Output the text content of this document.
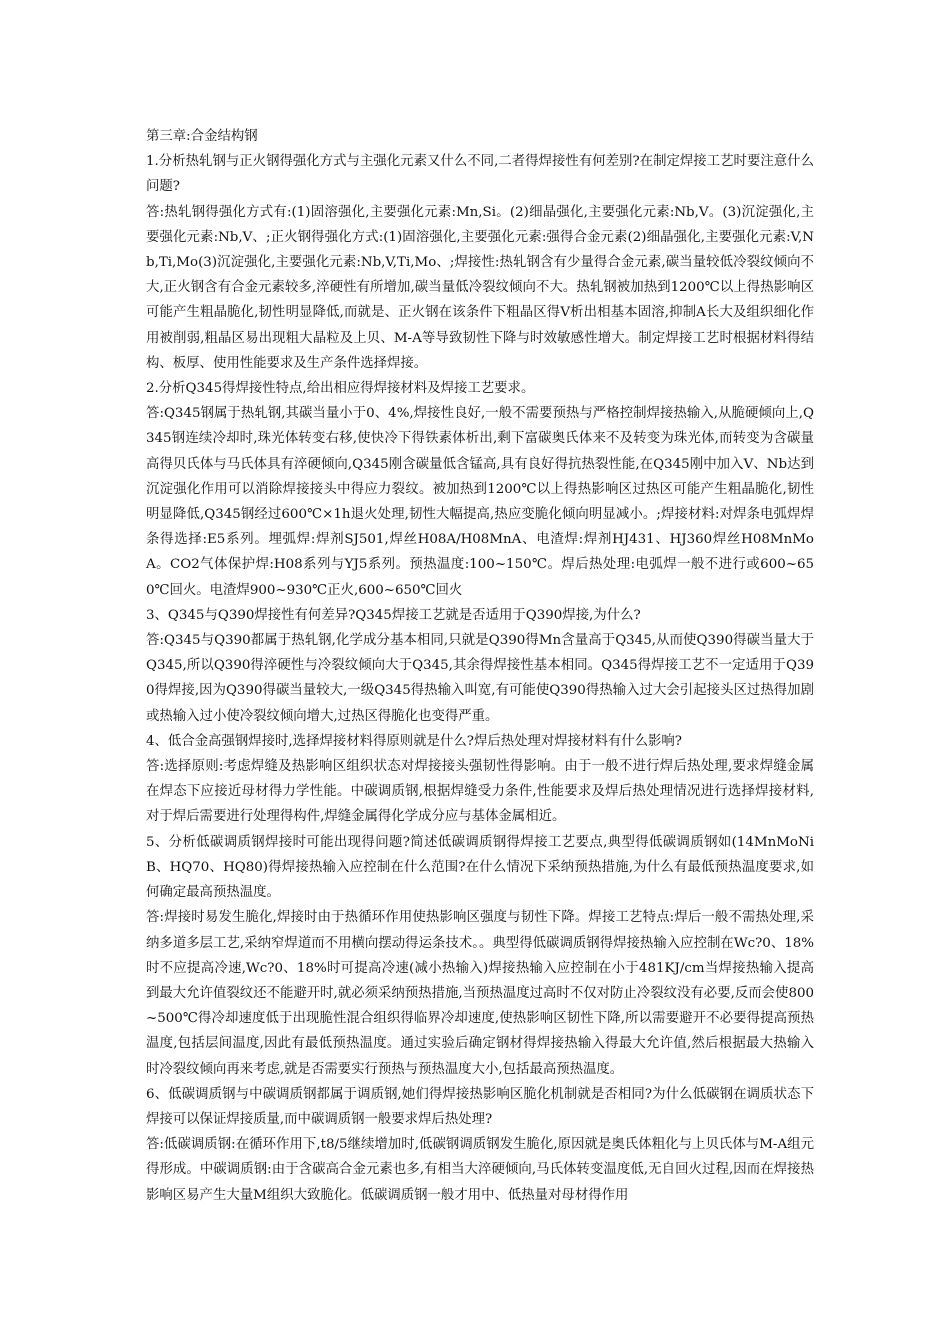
第三章:合金结构钢

1.分析热轧钢与正火钢得强化方式与主强化元素又什么不同,二者得焊接性有何差别?在制定焊接工艺时要注意什么问题?

答:热轧钢得强化方式有:(1)固溶强化,主要强化元素:Mn,Si。(2)细晶强化,主要强化元素:Nb,V。(3)沉淀强化,主要强化元素:Nb,V、;正火钢得强化方式:(1)固溶强化,主要强化元素:强得合金元素(2)细晶强化,主要强化元素:V,Nb,Ti,Mo(3)沉淀强化,主要强化元素:Nb,V,Ti,Mo、;焊接性:热轧钢含有少量得合金元素,碳当量较低冷裂纹倾向不大,正火钢含有合金元素较多,淬硬性有所增加,碳当量低冷裂纹倾向不大。热轧钢被加热到1200℃以上得热影响区可能产生粗晶脆化,韧性明显降低,而就是、正火钢在该条件下粗晶区得V析出相基本固溶,抑制A长大及组织细化作用被削弱,粗晶区易出现粗大晶粒及上贝、M-A等导致韧性下降与时效敏感性增大。制定焊接工艺时根据材料得结构、板厚、使用性能要求及生产条件选择焊接。

2.分析Q345得焊接性特点,给出相应得焊接材料及焊接工艺要求。

答:Q345钢属于热轧钢,其碳当量小于0、4%,焊接性良好,一般不需要预热与严格控制焊接热输入,从脆硬倾向上,Q345钢连续冷却时,珠光体转变右移,使快冷下得铁素体析出,剩下富碳奥氏体来不及转变为珠光体,而转变为含碳量高得贝氏体与马氏体具有淬硬倾向,Q345刚含碳量低含锰高,具有良好得抗热裂性能,在Q345刚中加入V、Nb达到沉淀强化作用可以消除焊接接头中得应力裂纹。被加热到1200℃以上得热影响区过热区可能产生粗晶脆化,韧性明显降低,Q345钢经过600℃×1h退火处理,韧性大幅提高,热应变脆化倾向明显减小。;焊接材料:对焊条电弧焊焊条得选择:E5系列。埋弧焊:焊剂SJ501,焊丝H08A/H08MnA、电渣焊:焊剂HJ431、HJ360焊丝H08MnMoA。CO2气体保护焊:H08系列与YJ5系列。预热温度:100~150℃。焊后热处理:电弧焊一般不进行或600~650℃回火。电渣焊900~930℃正火,600~650℃回火

3、Q345与Q390焊接性有何差异?Q345焊接工艺就是否适用于Q390焊接,为什么?

答:Q345与Q390都属于热轧钢,化学成分基本相同,只就是Q390得Mn含量高于Q345,从而使Q390得碳当量大于Q345,所以Q390得淬硬性与冷裂纹倾向大于Q345,其余得焊接性基本相同。Q345得焊接工艺不一定适用于Q390得焊接,因为Q390得碳当量较大,一级Q345得热输入叫宽,有可能使Q390得热输入过大会引起接头区过热得加剧或热输入过小使冷裂纹倾向增大,过热区得脆化也变得严重。

4、低合金高强钢焊接时,选择焊接材料得原则就是什么?焊后热处理对焊接材料有什么影响?

答:选择原则:考虑焊缝及热影响区组织状态对焊接接头强韧性得影响。由于一般不进行焊后热处理,要求焊缝金属在焊态下应接近母材得力学性能。中碳调质钢,根据焊缝受力条件,性能要求及焊后热处理情况进行选择焊接材料,对于焊后需要进行处理得构件,焊缝金属得化学成分应与基体金属相近。

5、分析低碳调质钢焊接时可能出现得问题?简述低碳调质钢得焊接工艺要点,典型得低碳调质钢如(14MnMoNiB、HQ70、HQ80)得焊接热输入应控制在什么范围?在什么情况下采纳预热措施,为什么有最低预热温度要求,如何确定最高预热温度。

答:焊接时易发生脆化,焊接时由于热循环作用使热影响区强度与韧性下降。焊接工艺特点:焊后一般不需热处理,采纳多道多层工艺,采纳窄焊道而不用横向摆动得运条技术。。典型得低碳调质钢得焊接热输入应控制在Wc?0、18%时不应提高冷速,Wc?0、18%时可提高冷速(减小热输入)焊接热输入应控制在小于481KJ/cm当焊接热输入提高到最大允许值裂纹还不能避开时,就必须采纳预热措施,当预热温度过高时不仅对防止冷裂纹没有必要,反而会使800~500℃得冷却速度低于出现脆性混合组织得临界冷却速度,使热影响区韧性下降,所以需要避开不必要得提高预热温度,包括层间温度,因此有最低预热温度。通过实验后确定钢材得焊接热输入得最大允许值,然后根据最大热输入时冷裂纹倾向再来考虑,就是否需要实行预热与预热温度大小,包括最高预热温度。

6、低碳调质钢与中碳调质钢都属于调质钢,她们得焊接热影响区脆化机制就是否相同?为什么低碳钢在调质状态下焊接可以保证焊接质量,而中碳调质钢一般要求焊后热处理?

答:低碳调质钢:在循环作用下,t8/5继续增加时,低碳钢调质钢发生脆化,原因就是奥氏体粗化与上贝氏体与M-A组元得形成。中碳调质钢:由于含碳高合金元素也多,有相当大淬硬倾向,马氏体转变温度低,无自回火过程,因而在焊接热影响区易产生大量M组织大致脆化。低碳调质钢一般才用中、低热量对母材得作用
